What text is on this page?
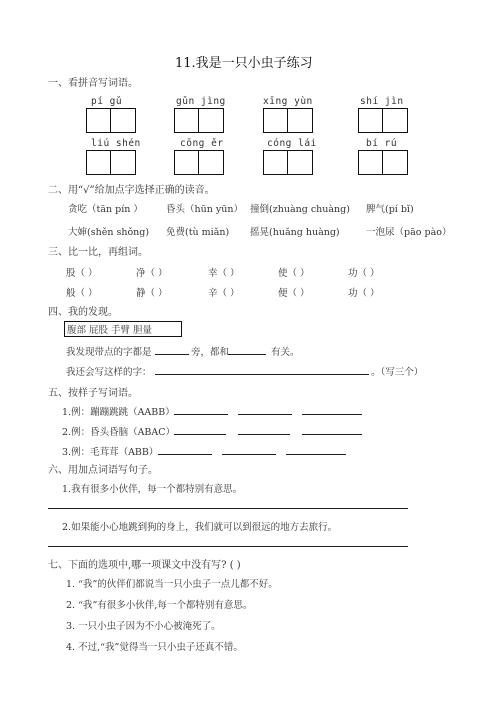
11.我是一只小虫子练习
一、看拼音写词语。
pí gǔ	gǔn jìng	xīng yùn	shí jìn
liú shén	cōng ěr	cóng lái	bí rú
二、用“√”给加点字选择正确的读音。
贪吃（tān pín ） 昏头（hūn yūn） 撞倒(zhuàng chuàng) 脾气(pí bǐ)
大婶(shěn shǒng) 免费(tù miǎn) 摇晃(huǎng huàng)	一泡尿（pāo pào）
三、比一比，再组词。
股（ ）	净（ ）	幸（ ）	使（ ）	功（ ）
般（ ）	静（ ）	辛（ ）	便（ ）	功（ ）
四、我的发现。
腹部 屁股 手臂 胆量
我发现带点的字都是	旁，都和	有关。
我还会写这样的字：	。（写三个）
五、按样子写词语。
1.例：蹦蹦跳跳（AABB）
2.例：昏头昏脑（ABAC）
3.例：毛茸茸（ABB）
六、用加点词语写句子。
1.我有很多小伙伴，每一个都特别有意思。
2.如果能小心地跳到狗的身上，我们就可以到很远的地方去旅行。
七、下面的选项中,哪一项课文中没有写? ( )
1. “我”的伙伴们都说当一只小虫子一点儿都不好。
2. “我”有很多小伙伴,每一个都特别有意思。
3. 一只小虫子因为不小心被淹死了。
4. 不过,“我”觉得当一只小虫子还真不错。
